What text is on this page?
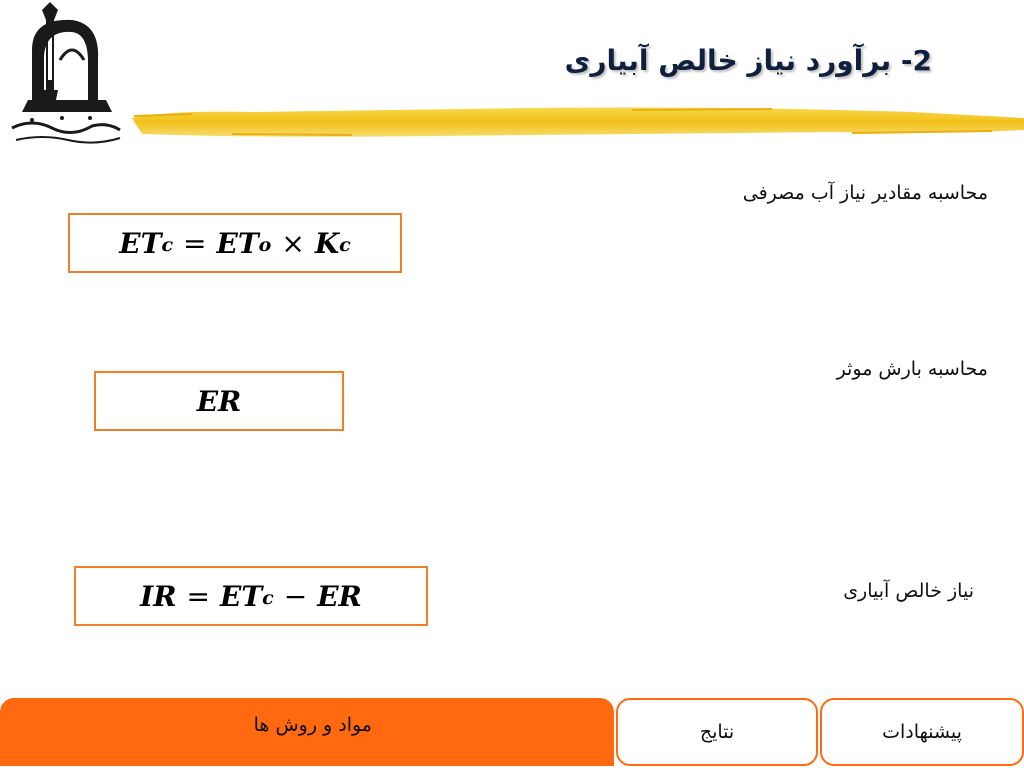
2- برآورد نیاز خالص آبیاری
محاسبه مقادیر نیاز آب مصرفی
$ET_c = ET_o \times K_c$
محاسبه بارش موثر
ER
نیاز خالص آبیاری
IR = $ET_c$ − ER
مواد و روش ها	نتایج	پیشنهادات
